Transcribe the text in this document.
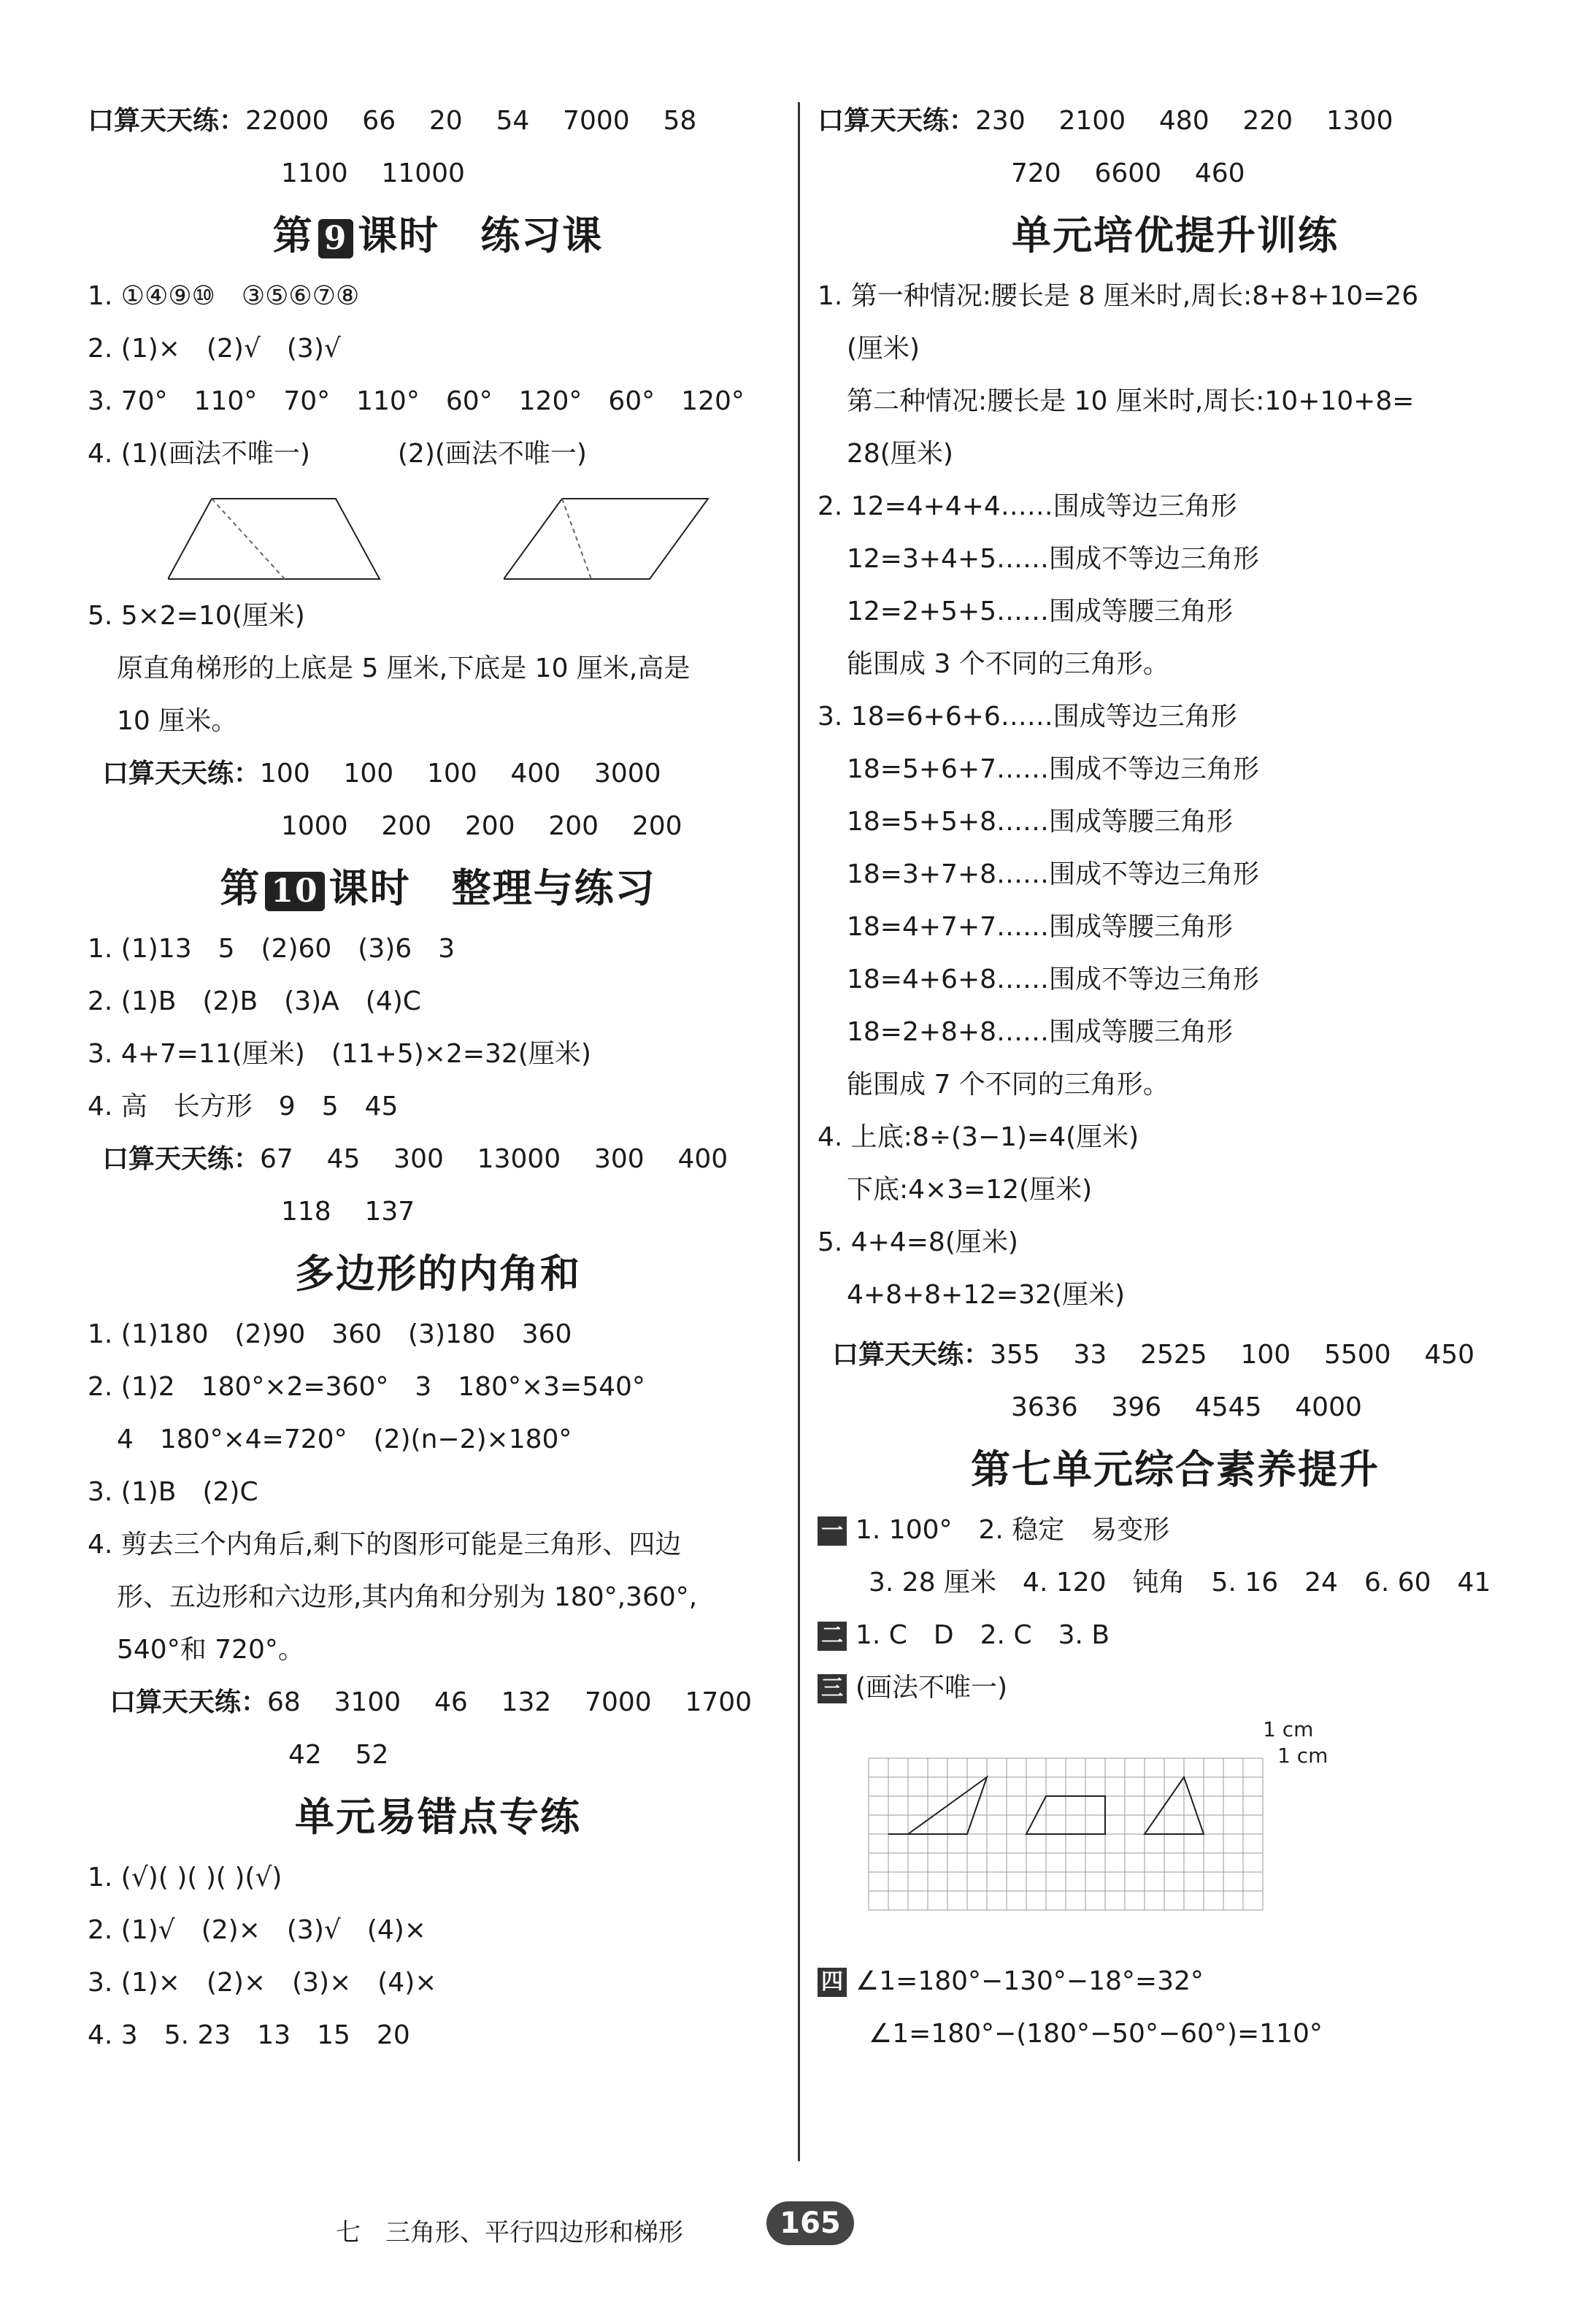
口算天天练：22000    66    20    54    7000    58
1100    11000
第 9 课时　练习课
1. ①④⑨⑩　③⑤⑥⑦⑧
2. (1)×　(2)√　(3)√
3. 70°　110°　70°　110°　60°　120°　60°　120°
4. (1)(画法不唯一)	(2)(画法不唯一)
5. 5×2=10(厘米)
原直角梯形的上底是 5 厘米,下底是 10 厘米,高是
10 厘米。
口算天天练：100    100    100    400    3000
1000    200    200    200    200
第 10 课时　整理与练习
1. (1)13　5　(2)60　(3)6　3
2. (1)B　(2)B　(3)A　(4)C
3. 4+7=11(厘米)　(11+5)×2=32(厘米)
4. 高　长方形　9　5　45
口算天天练：67    45    300    13000    300    400
118    137
多边形的内角和
1. (1)180　(2)90　360　(3)180　360
2. (1)2　180°×2=360°　3　180°×3=540°
4　180°×4=720°　(2)(n−2)×180°
3. (1)B　(2)C
4. 剪去三个内角后,剩下的图形可能是三角形、四边
形、五边形和六边形,其内角和分别为 180°,360°,
540°和 720°。
口算天天练：68    3100    46    132    7000    1700
42    52
单元易错点专练
1. (√)( )( )( )(√)
2. (1)√　(2)×　(3)√　(4)×
3. (1)×　(2)×　(3)×　(4)×
4. 3　5. 23　13　15　20
口算天天练：230    2100    480    220    1300
720    6600    460
单元培优提升训练
1. 第一种情况:腰长是 8 厘米时,周长:8+8+10=26
(厘米)
第二种情况:腰长是 10 厘米时,周长:10+10+8=
28(厘米)
2. 12=4+4+4……围成等边三角形
12=3+4+5……围成不等边三角形
12=2+5+5……围成等腰三角形
能围成 3 个不同的三角形。
3. 18=6+6+6……围成等边三角形
18=5+6+7……围成不等边三角形
18=5+5+8……围成等腰三角形
18=3+7+8……围成不等边三角形
18=4+7+7……围成等腰三角形
18=4+6+8……围成不等边三角形
18=2+8+8……围成等腰三角形
能围成 7 个不同的三角形。
4. 上底:8÷(3−1)=4(厘米)
下底:4×3=12(厘米)
5. 4+4=8(厘米)
4+8+8+12=32(厘米)
口算天天练：355    33    2525    100    5500    450
3636    396    4545    4000
第七单元综合素养提升
一 1. 100°　2. 稳定　易变形
3. 28 厘米　4. 120　钝角　5. 16　24　6. 60　41
二 1. C　D　2. C　3. B
三 (画法不唯一)
1 cm
1 cm
四 ∠1=180°−130°−18°=32°
∠1=180°−(180°−50°−60°)=110°
七　三角形、平行四边形和梯形	165
